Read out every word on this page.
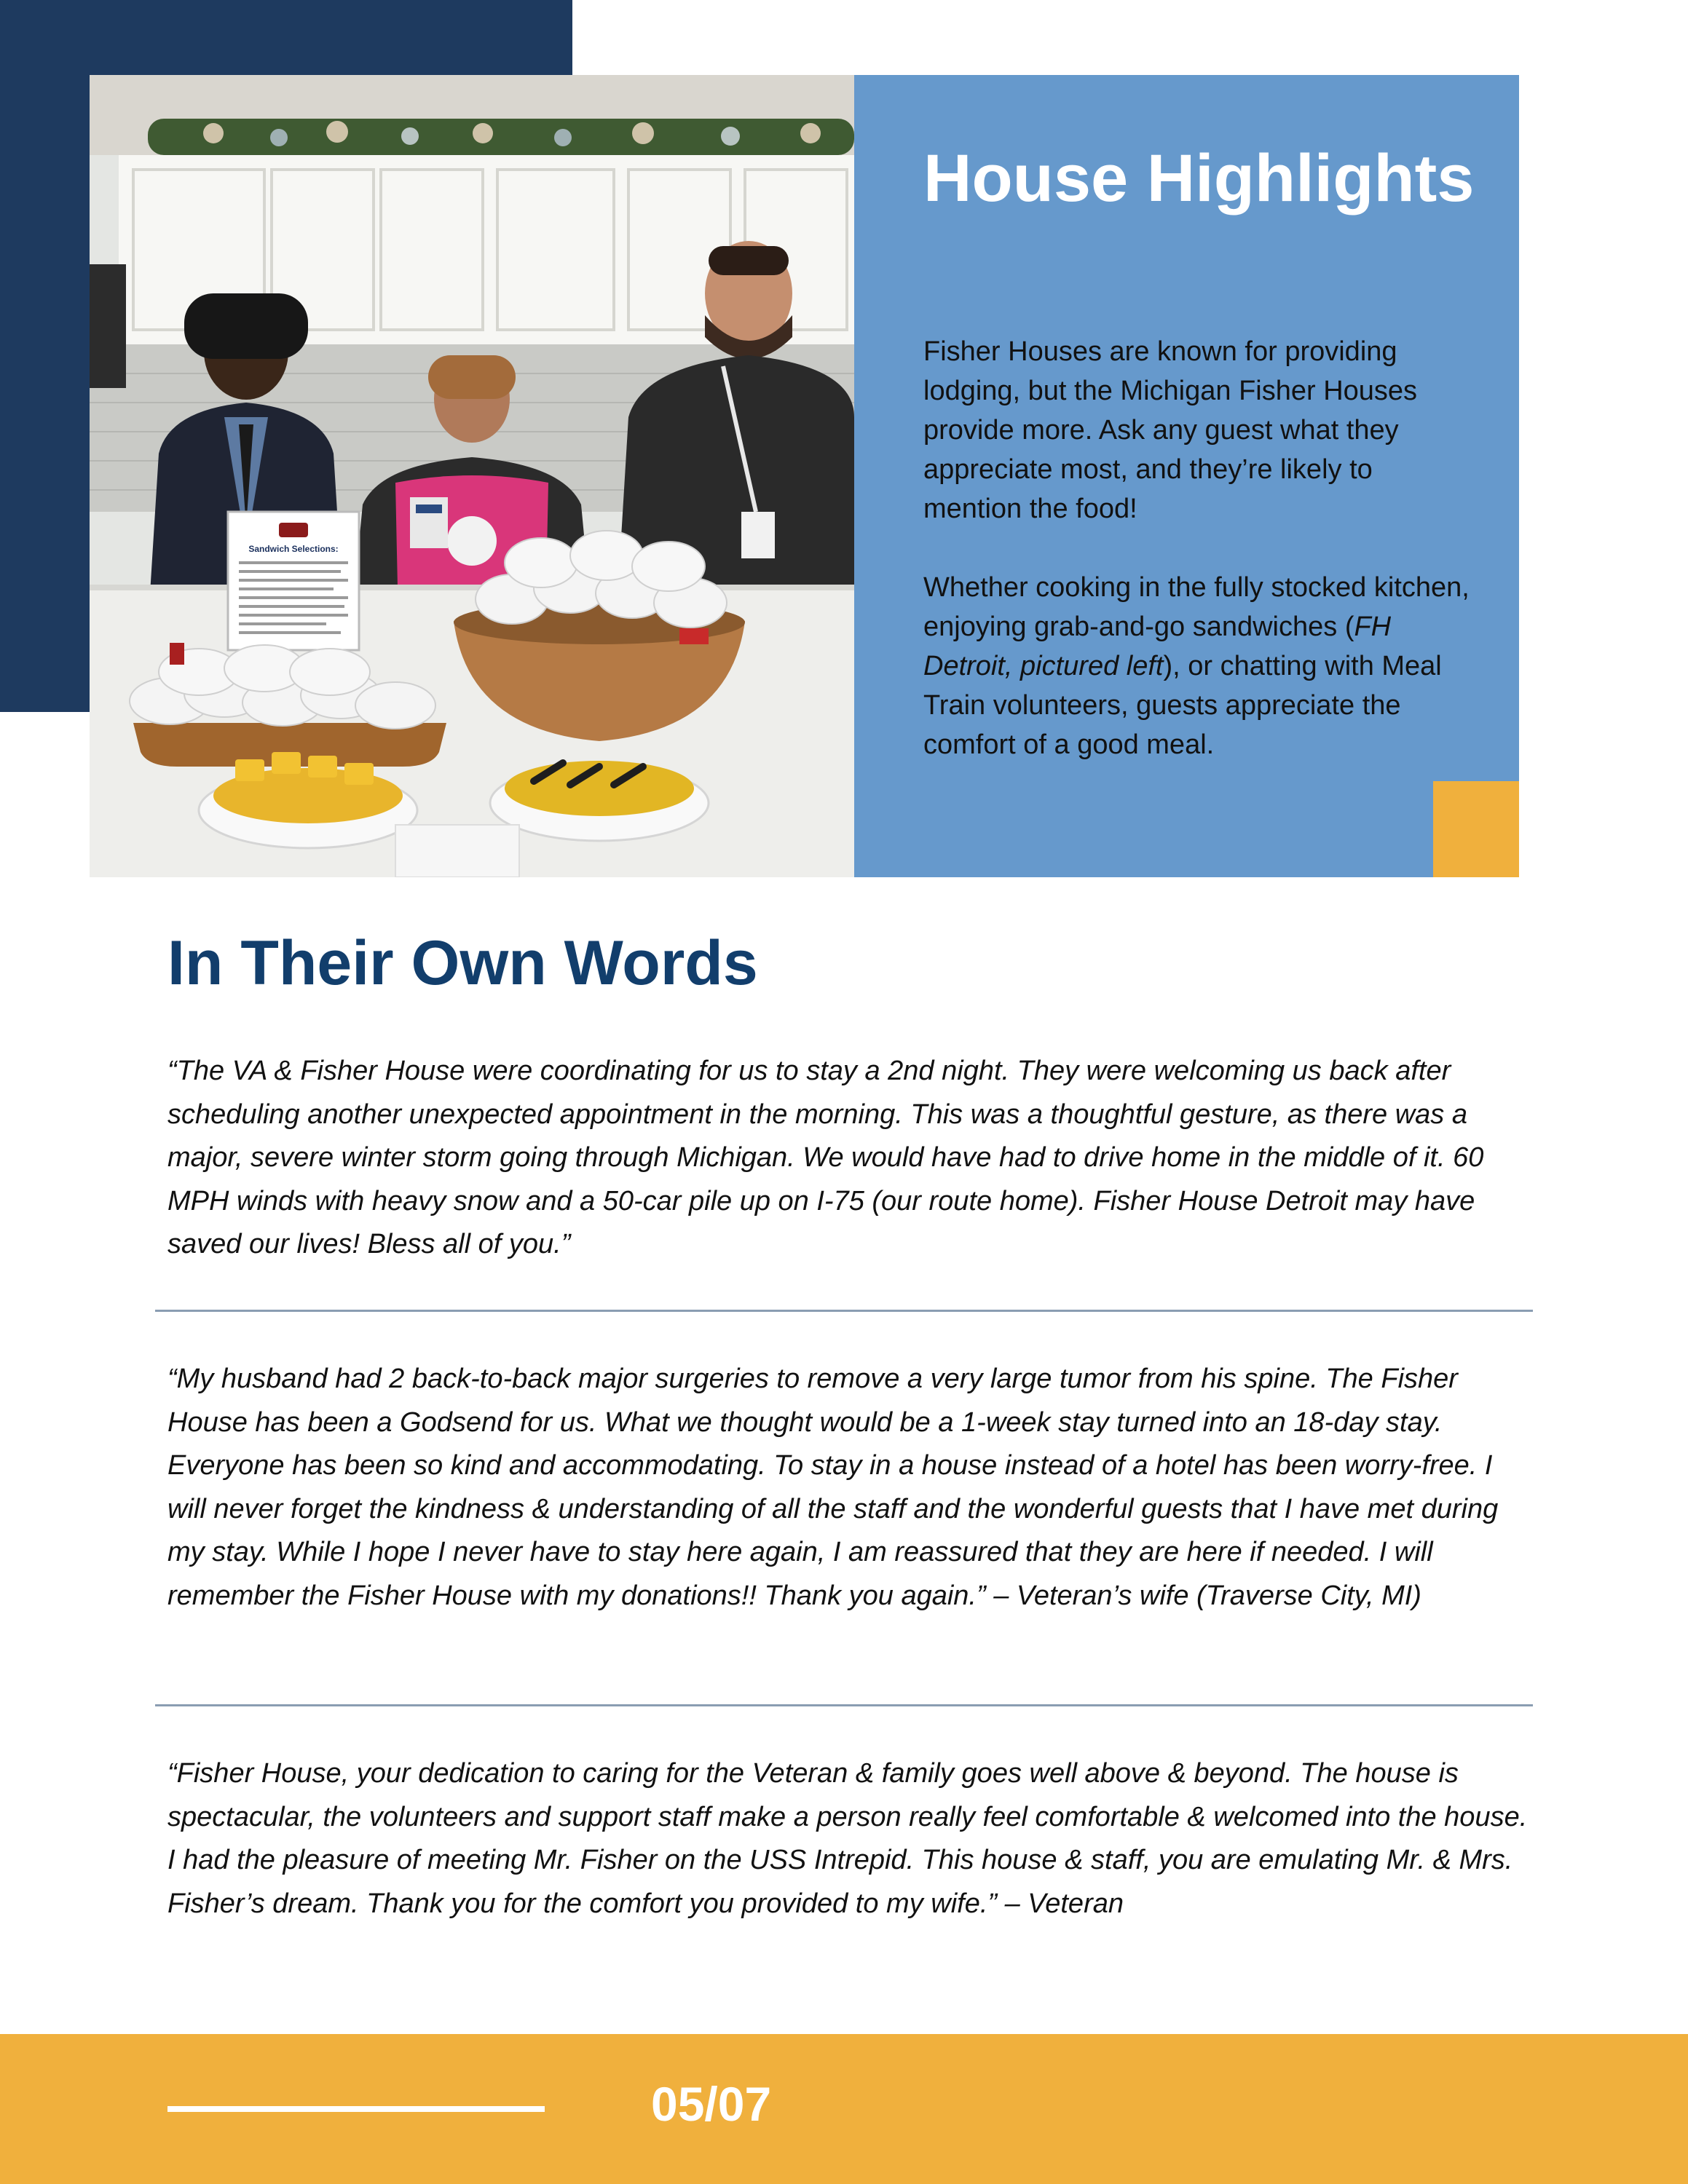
Sandwich Selections:
House Highlights

Fisher Houses are known for providing lodging, but the Michigan Fisher Houses provide more. Ask any guest what they appreciate most, and they’re likely to mention the food!

Whether cooking in the fully stocked kitchen, enjoying grab-and-go sandwiches (FH Detroit, pictured left), or chatting with Meal Train volunteers, guests appreciate the comfort of a good meal.

In Their Own Words

“The VA & Fisher House were coordinating for us to stay a 2nd night. They were welcoming us back after scheduling another unexpected appointment in the morning. This was a thoughtful gesture, as there was a major, severe winter storm going through Michigan. We would have had to drive home in the middle of it. 60 MPH winds with heavy snow and a 50-car pile up on I-75 (our route home). Fisher House Detroit may have saved our lives! Bless all of you.”

“My husband had 2 back-to-back major surgeries to remove a very large tumor from his spine. The Fisher House has been a Godsend for us. What we thought would be a 1-week stay turned into an 18-day stay. Everyone has been so kind and accommodating. To stay in a house instead of a hotel has been worry-free. I will never forget the kindness & understanding of all the staff and the wonderful guests that I have met during my stay. While I hope I never have to stay here again, I am reassured that they are here if needed. I will remember the Fisher House with my donations!! Thank you again.” – Veteran’s wife (Traverse City, MI)

“Fisher House, your dedication to caring for the Veteran & family goes well above & beyond. The house is spectacular, the volunteers and support staff make a person really feel comfortable & welcomed into the house. I had the pleasure of meeting Mr. Fisher on the USS Intrepid. This house & staff, you are emulating Mr. & Mrs. Fisher’s dream. Thank you for the comfort you provided to my wife.” – Veteran

05/07
